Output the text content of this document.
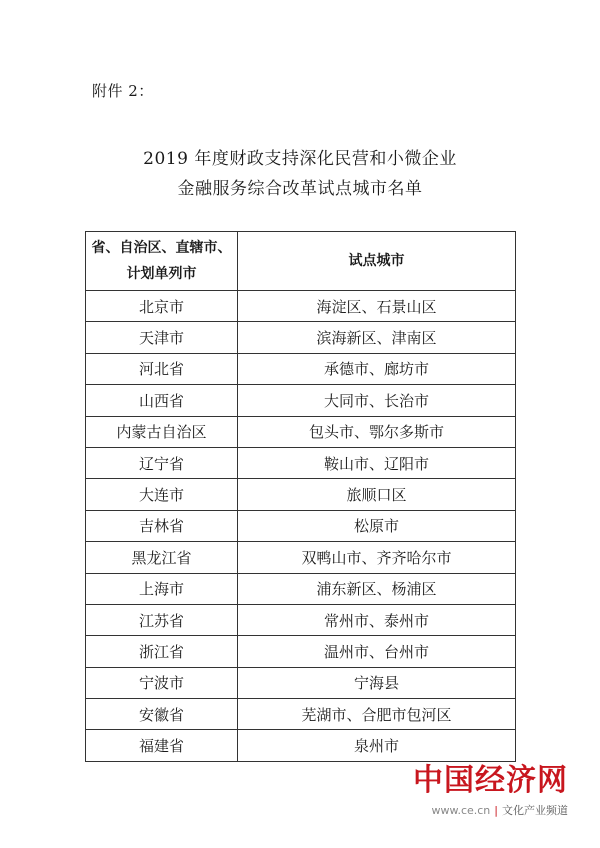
附件 2：
2019 年度财政支持深化民营和小微企业
金融服务综合改革试点城市名单
省、自治区、直辖市、
计划单列市	试点城市
北京市	海淀区、石景山区
天津市	滨海新区、津南区
河北省	承德市、廊坊市
山西省	大同市、长治市
内蒙古自治区	包头市、鄂尔多斯市
辽宁省	鞍山市、辽阳市
大连市	旅顺口区
吉林省	松原市
黑龙江省	双鸭山市、齐齐哈尔市
上海市	浦东新区、杨浦区
江苏省	常州市、泰州市
浙江省	温州市、台州市
宁波市	宁海县
安徽省	芜湖市、合肥市包河区
福建省	泉州市
中国经济网
www.ce.cn | 文化产业频道
